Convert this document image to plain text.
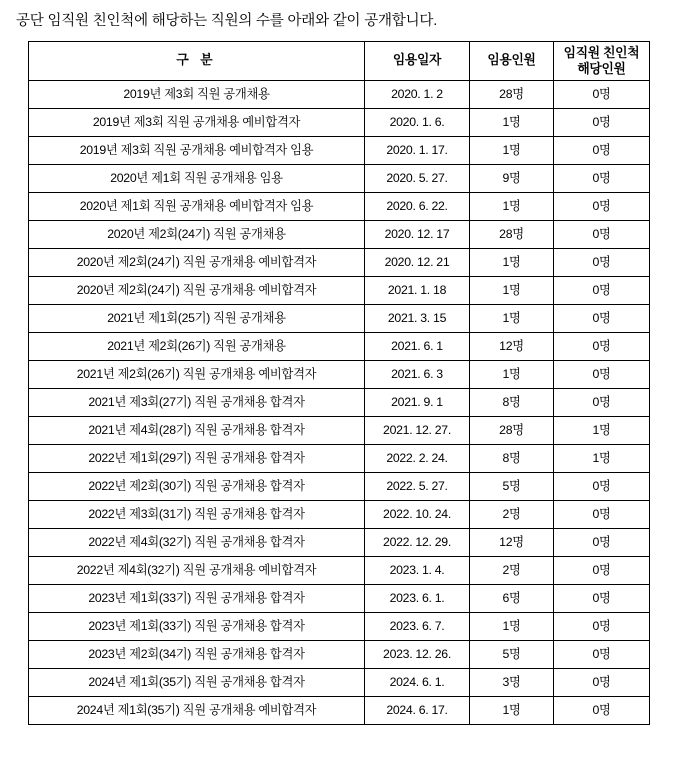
공단 임직원 친인척에 해당하는 직원의 수를 아래와 같이 공개합니다.

구 분	임용일자	임용인원	임직원 친인척
해당인원

2019년 제3회 직원 공개채용	2020. 1. 2	28명	0명
2019년 제3회 직원 공개채용 예비합격자	2020. 1. 6.	1명	0명
2019년 제3회 직원 공개채용 예비합격자 임용	2020. 1. 17.	1명	0명
2020년 제1회 직원 공개채용 임용	2020. 5. 27.	9명	0명
2020년 제1회 직원 공개채용 예비합격자 임용	2020. 6. 22.	1명	0명
2020년 제2회(24기) 직원 공개채용	2020. 12. 17	28명	0명
2020년 제2회(24기) 직원 공개채용 예비합격자	2020. 12. 21	1명	0명
2020년 제2회(24기) 직원 공개채용 예비합격자	2021. 1. 18	1명	0명
2021년 제1회(25기) 직원 공개채용	2021. 3. 15	1명	0명
2021년 제2회(26기) 직원 공개채용	2021. 6. 1	12명	0명
2021년 제2회(26기) 직원 공개채용 예비합격자	2021. 6. 3	1명	0명
2021년 제3회(27기) 직원 공개채용 합격자	2021. 9. 1	8명	0명
2021년 제4회(28기) 직원 공개채용 합격자	2021. 12. 27.	28명	1명
2022년 제1회(29기) 직원 공개채용 합격자	2022. 2. 24.	8명	1명
2022년 제2회(30기) 직원 공개채용 합격자	2022. 5. 27.	5명	0명
2022년 제3회(31기) 직원 공개채용 합격자	2022. 10. 24.	2명	0명
2022년 제4회(32기) 직원 공개채용 합격자	2022. 12. 29.	12명	0명
2022년 제4회(32기) 직원 공개채용 예비합격자	2023. 1. 4.	2명	0명
2023년 제1회(33기) 직원 공개채용 합격자	2023. 6. 1.	6명	0명
2023년 제1회(33기) 직원 공개채용 합격자	2023. 6. 7.	1명	0명
2023년 제2회(34기) 직원 공개채용 합격자	2023. 12. 26.	5명	0명
2024년 제1회(35기) 직원 공개채용 합격자	2024. 6. 1.	3명	0명
2024년 제1회(35기) 직원 공개채용 예비합격자	2024. 6. 17.	1명	0명
